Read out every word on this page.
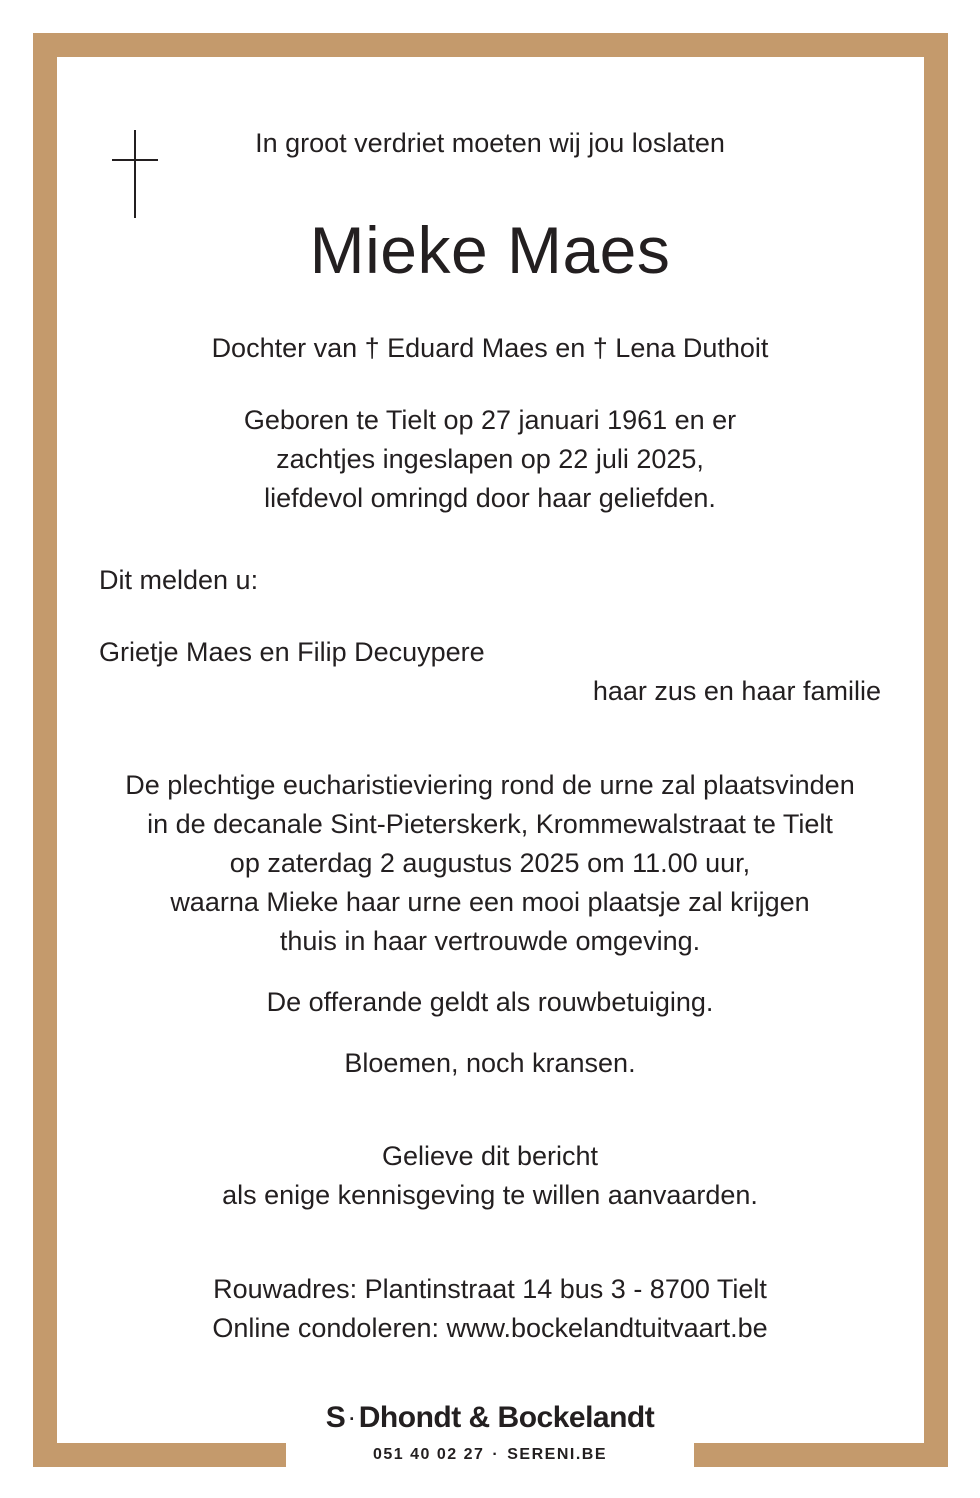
In groot verdriet moeten wij jou loslaten
Mieke Maes
Dochter van † Eduard Maes en † Lena Duthoit
Geboren te Tielt op 27 januari 1961 en er
zachtjes ingeslapen op 22 juli 2025,
liefdevol omringd door haar geliefden.
Dit melden u:
Grietje Maes en Filip Decuypere
haar zus en haar familie
De plechtige eucharistieviering rond de urne zal plaatsvinden
in de decanale Sint-Pieterskerk, Krommewalstraat te Tielt
op zaterdag 2 augustus 2025 om 11.00 uur,
waarna Mieke haar urne een mooi plaatsje zal krijgen
thuis in haar vertrouwde omgeving.
De offerande geldt als rouwbetuiging.
Bloemen, noch kransen.
Gelieve dit bericht
als enige kennisgeving te willen aanvaarden.
Rouwadres: Plantinstraat 14 bus 3 - 8700 Tielt
Online condoleren: www.bockelandtuitvaart.be
S · Dhondt & Bockelandt
051 40 02 27 · SERENI.BE
